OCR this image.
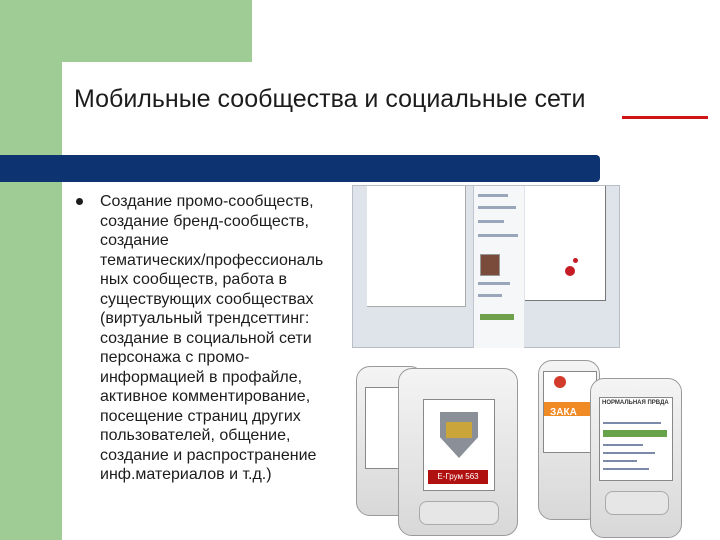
Мобильные сообщества и социальные сети

Создание промо-сообществ,
создание бренд-сообществ,
создание
тематических/профессиональ
ных сообществ, работа в
существующих сообществах
(виртуальный трендсеттинг:
создание в социальной сети
персонажа с промо-
информацией в профайле,
активное комментирование,
посещение страниц других
пользователей, общение,
создание и распространение
инф.материалов и т.д.)	Е-Грум 563
ЗАКА
НОРМАЛЬНАЯ ПРВДА
